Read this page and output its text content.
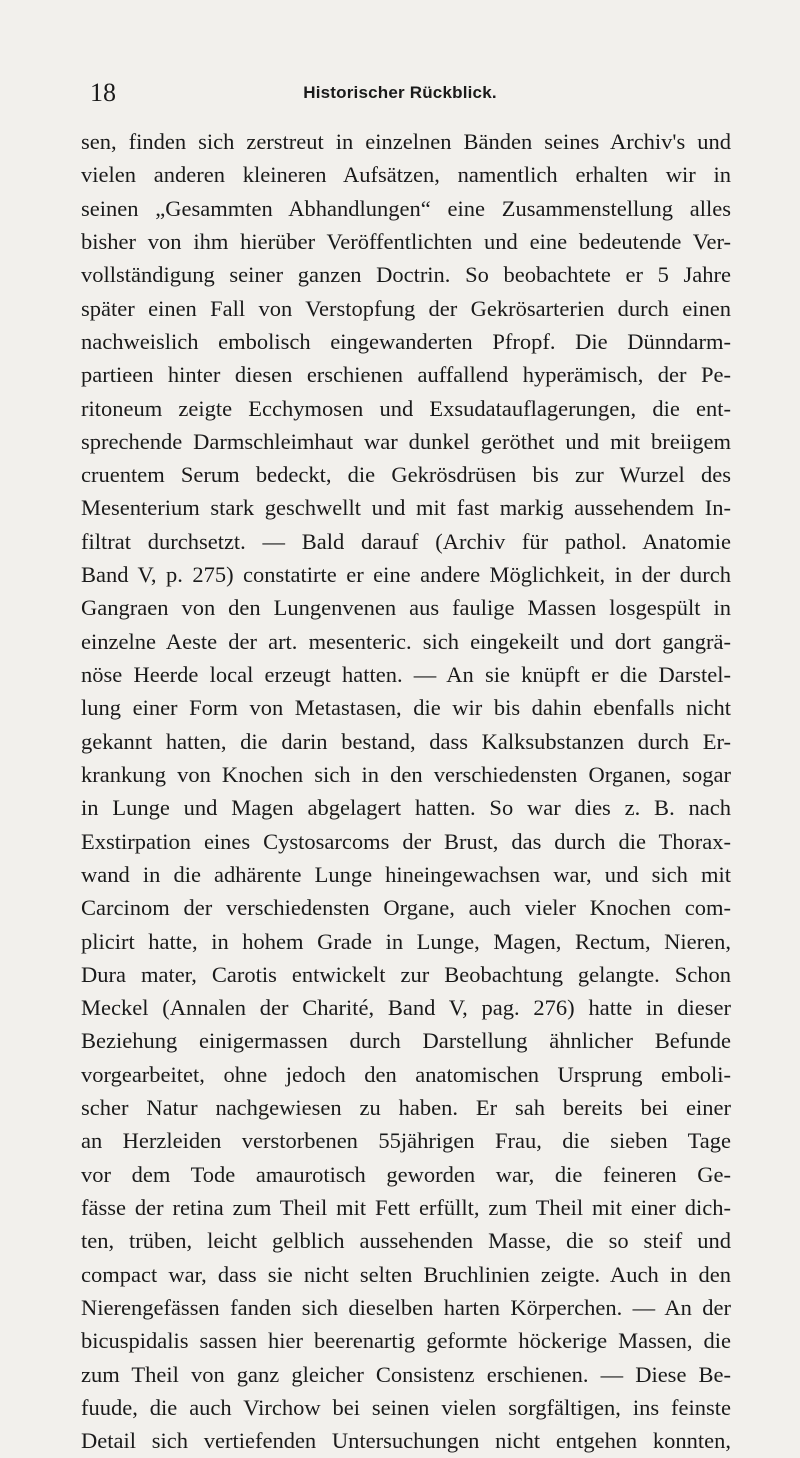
18	Historischer Rückblick.
sen, finden sich zerstreut in einzelnen Bänden seines Archiv's und
vielen anderen kleineren Aufsätzen, namentlich erhalten wir in
seinen „Gesammten Abhandlungen“ eine Zusammenstellung alles
bisher von ihm hierüber Veröffentlichten und eine bedeutende Ver-
vollständigung seiner ganzen Doctrin. So beobachtete er 5 Jahre
später einen Fall von Verstopfung der Gekrösarterien durch einen
nachweislich embolisch eingewanderten Pfropf. Die Dünndarm-
partieen hinter diesen erschienen auffallend hyperämisch, der Pe-
ritoneum zeigte Ecchymosen und Exsudatauflagerungen, die ent-
sprechende Darmschleimhaut war dunkel geröthet und mit breiigem
cruentem Serum bedeckt, die Gekrösdrüsen bis zur Wurzel des
Mesenterium stark geschwellt und mit fast markig aussehendem In-
filtrat durchsetzt. — Bald darauf (Archiv für pathol. Anatomie
Band V, p. 275) constatirte er eine andere Möglichkeit, in der durch
Gangraen von den Lungenvenen aus faulige Massen losgespült in
einzelne Aeste der art. mesenteric. sich eingekeilt und dort gangrä-
nöse Heerde local erzeugt hatten. — An sie knüpft er die Darstel-
lung einer Form von Metastasen, die wir bis dahin ebenfalls nicht
gekannt hatten, die darin bestand, dass Kalksubstanzen durch Er-
krankung von Knochen sich in den verschiedensten Organen, sogar
in Lunge und Magen abgelagert hatten. So war dies z. B. nach
Exstirpation eines Cystosarcoms der Brust, das durch die Thorax-
wand in die adhärente Lunge hineingewachsen war, und sich mit
Carcinom der verschiedensten Organe, auch vieler Knochen com-
plicirt hatte, in hohem Grade in Lunge, Magen, Rectum, Nieren,
Dura mater, Carotis entwickelt zur Beobachtung gelangte. Schon
Meckel (Annalen der Charité, Band V, pag. 276) hatte in dieser
Beziehung einigermassen durch Darstellung ähnlicher Befunde
vorgearbeitet, ohne jedoch den anatomischen Ursprung emboli-
scher Natur nachgewiesen zu haben. Er sah bereits bei einer
an Herzleiden verstorbenen 55jährigen Frau, die sieben Tage
vor dem Tode amaurotisch geworden war, die feineren Ge-
fässe der retina zum Theil mit Fett erfüllt, zum Theil mit einer dich-
ten, trüben, leicht gelblich aussehenden Masse, die so steif und
compact war, dass sie nicht selten Bruchlinien zeigte. Auch in den
Nierengefässen fanden sich dieselben harten Körperchen. — An der
bicuspidalis sassen hier beerenartig geformte höckerige Massen, die
zum Theil von ganz gleicher Consistenz erschienen. — Diese Be-
fuude, die auch Virchow bei seinen vielen sorgfältigen, ins feinste
Detail sich vertiefenden Untersuchungen nicht entgehen konnten,
